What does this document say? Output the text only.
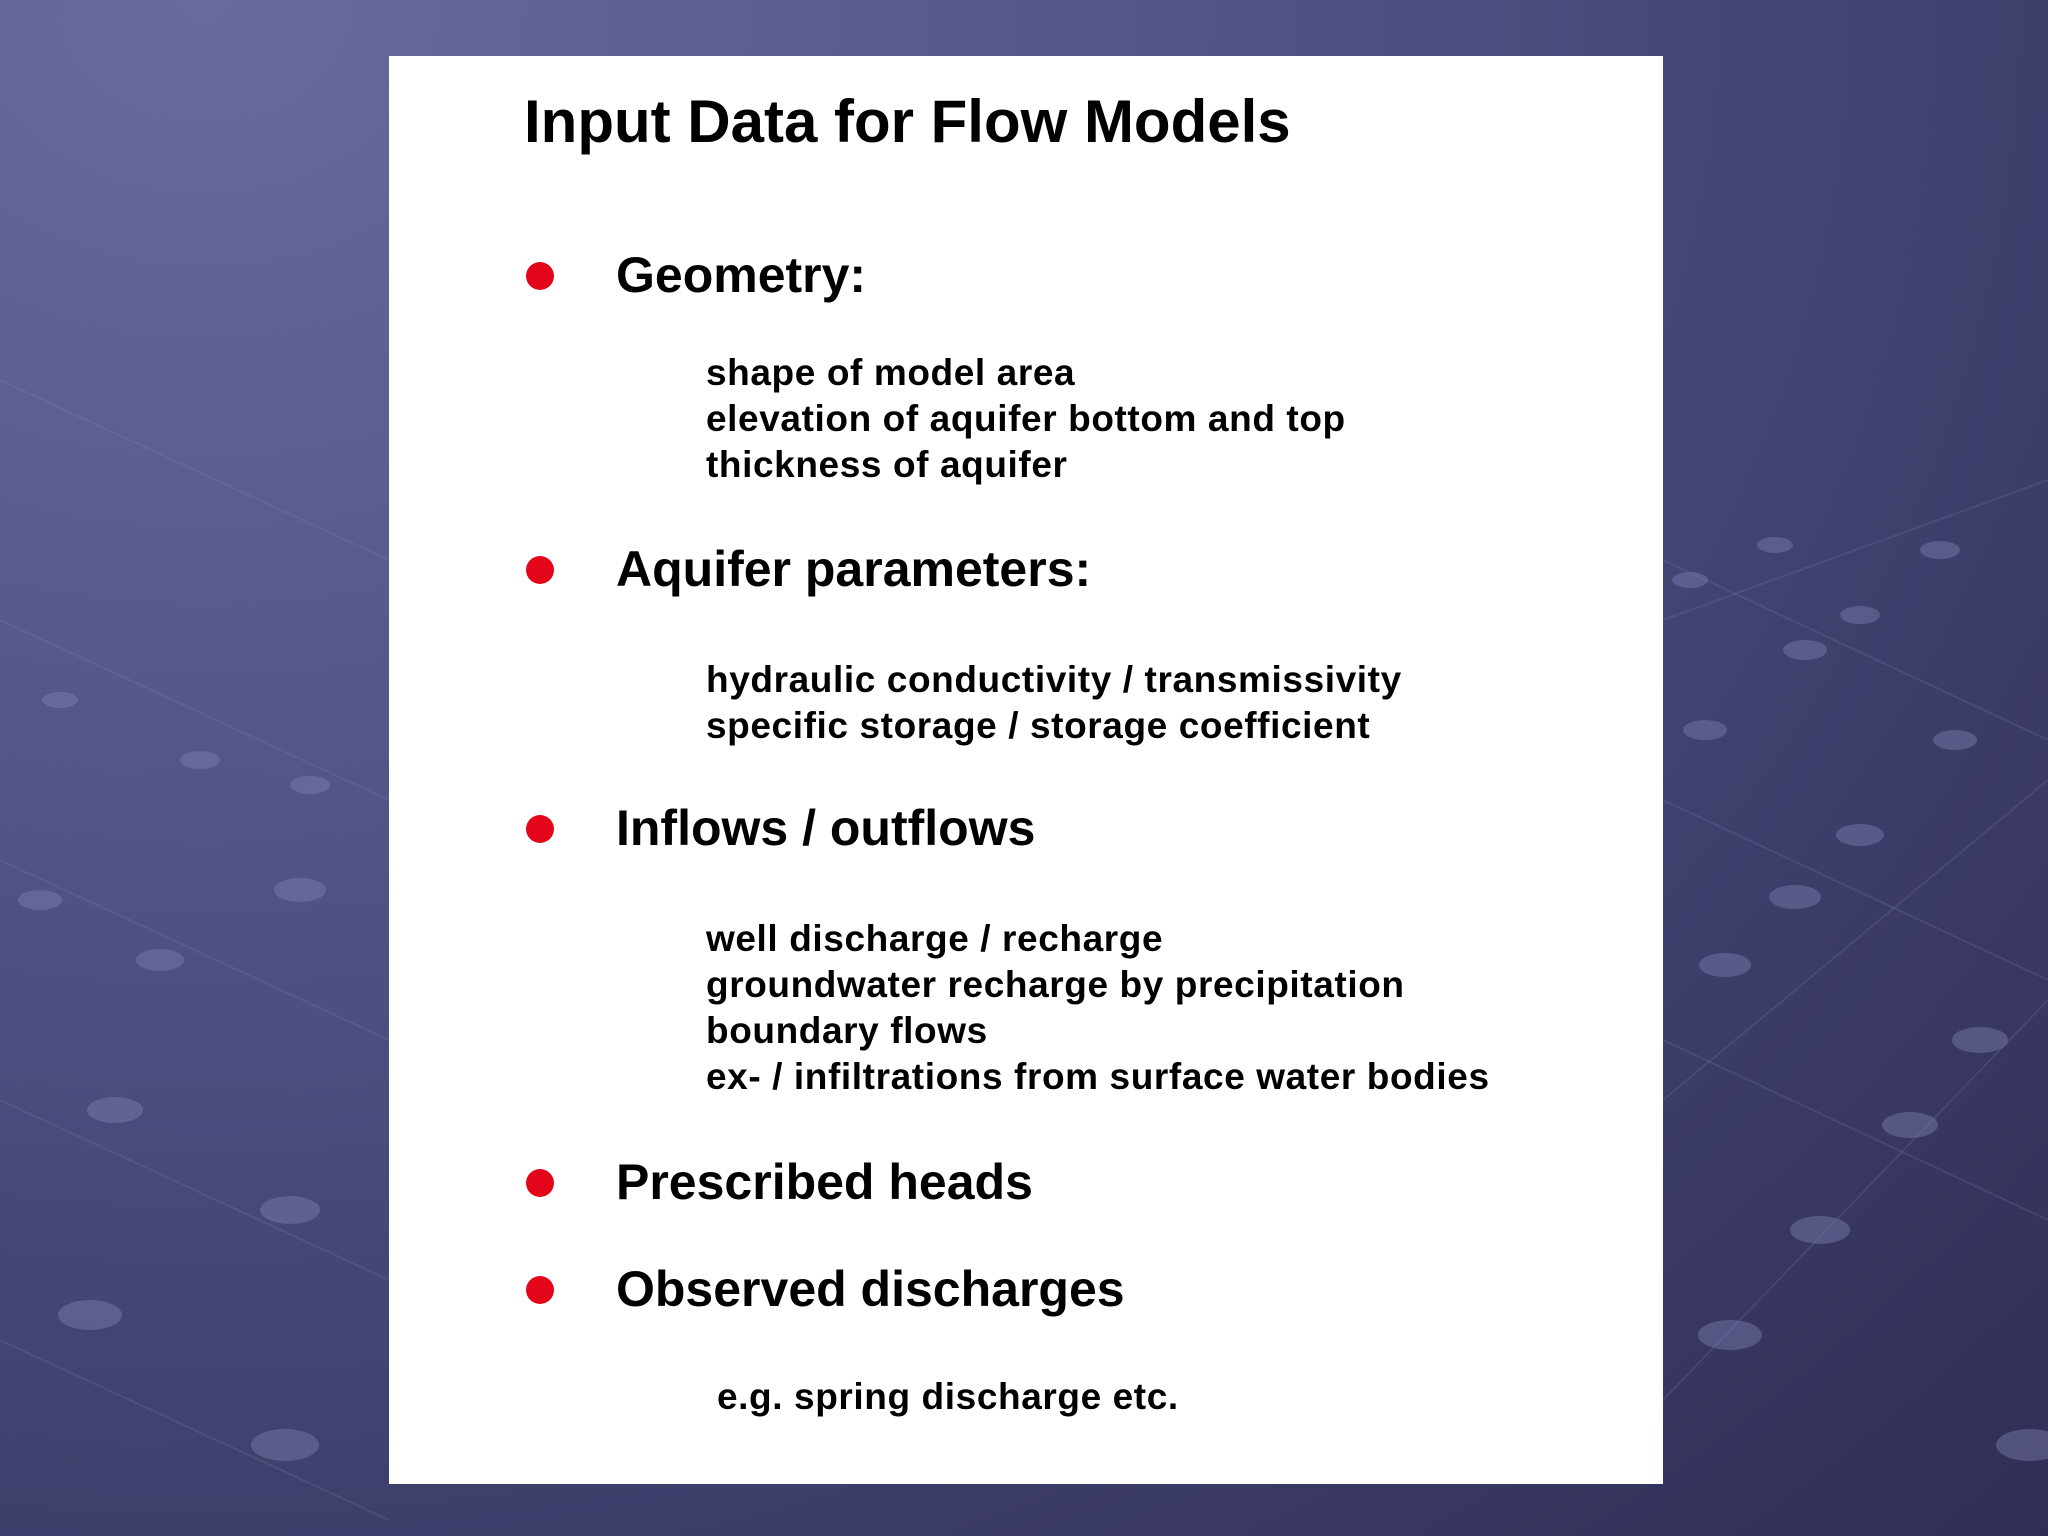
Input Data for Flow Models
Geometry:
shape of model area
elevation of aquifer bottom and top
thickness of aquifer
Aquifer parameters:
hydraulic conductivity / transmissivity
specific storage / storage coefficient
Inflows / outflows
well discharge / recharge
groundwater recharge by precipitation
boundary flows
ex- / infiltrations from surface water bodies
Prescribed heads
Observed discharges
e.g. spring discharge etc.
